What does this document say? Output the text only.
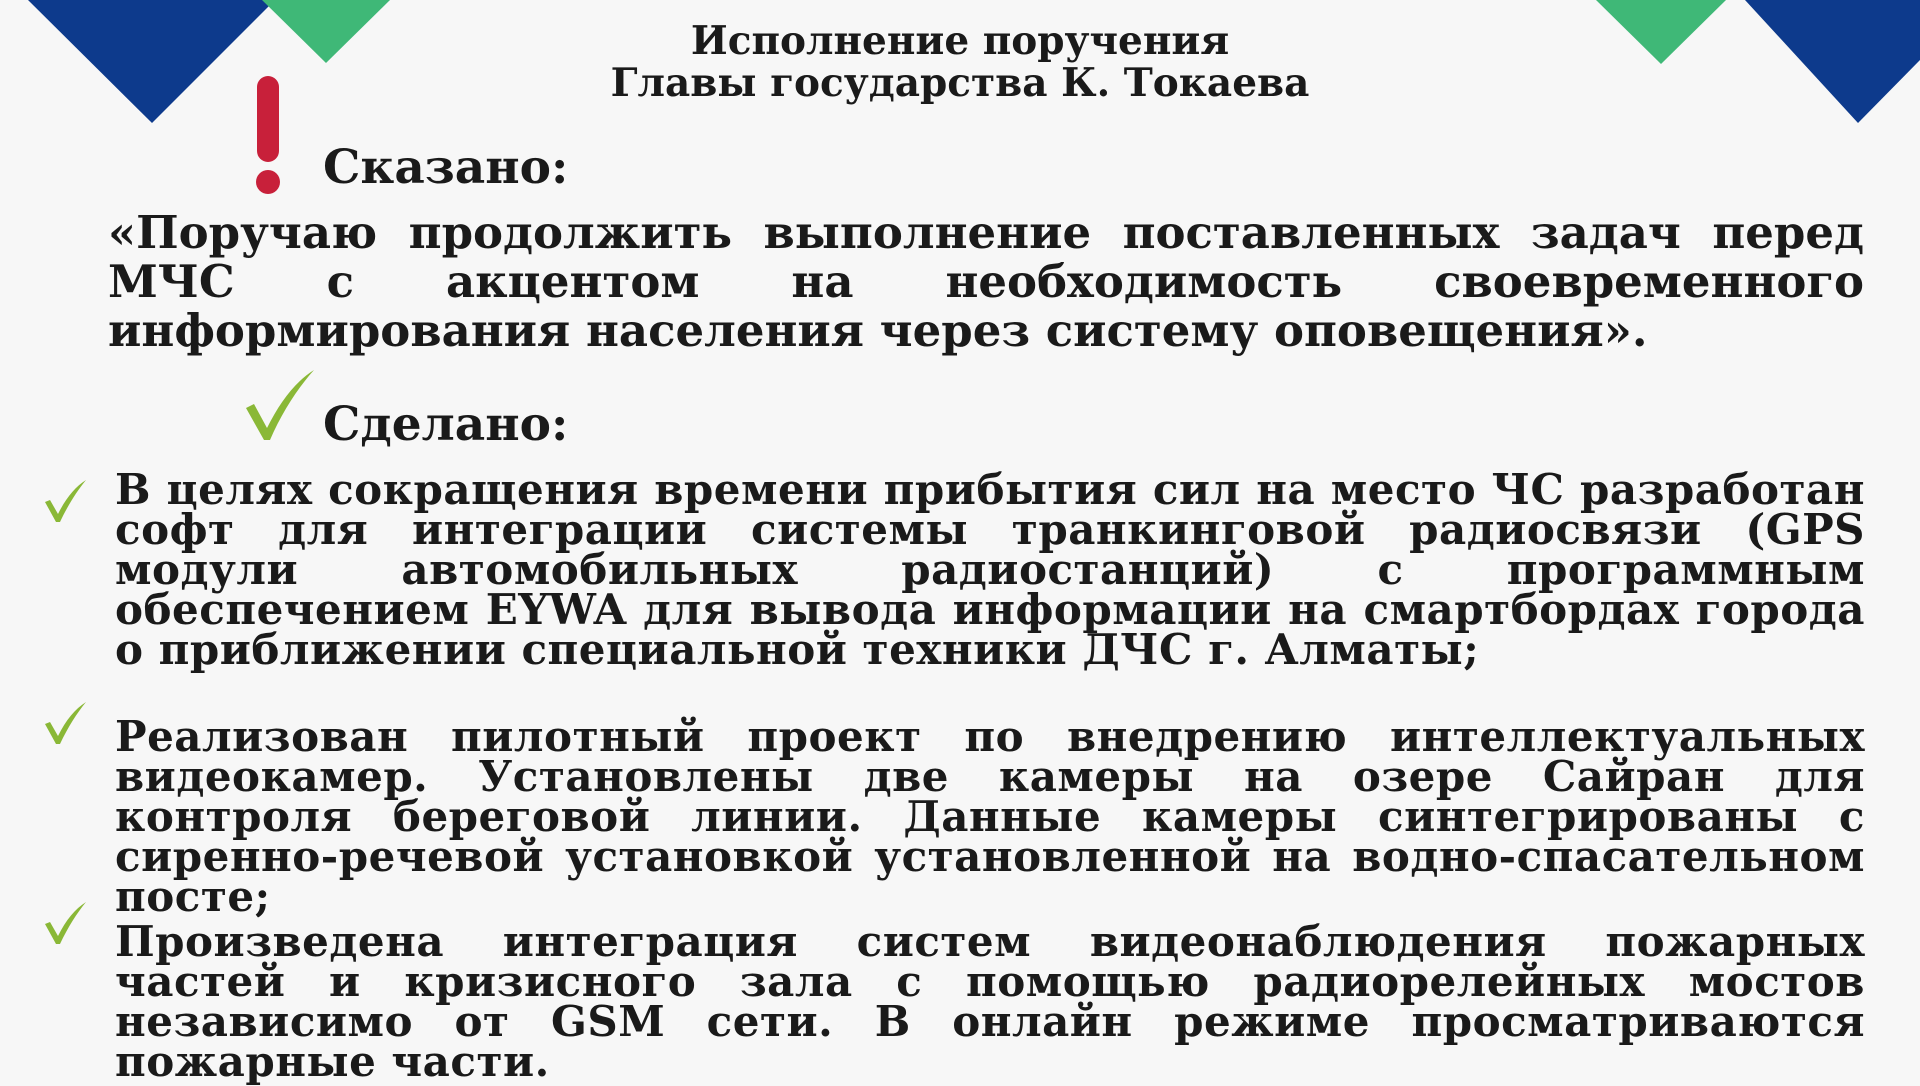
Исполнение поручения
Главы государства К. Токаева
Сказано:
«Поручаю продолжить выполнение поставленных задач перед МЧС с акцентом на необходимость своевременного информирования населения через систему оповещения».
Сделано:
В целях сокращения времени прибытия сил на место ЧС разработан софт для интеграции системы транкинговой радиосвязи (GPS модули автомобильных радиостанций) с программным обеспечением EYWA для вывода информации на смартбордах города о приближении специальной техники ДЧС г. Алматы;
Реализован пилотный проект по внедрению интеллектуальных видеокамер. Установлены две камеры на озере Сайран для контроля береговой линии. Данные камеры синтегрированы с сиренно-речевой установкой установленной на водно-спасательном посте;
Произведена интеграция систем видеонаблюдения пожарных частей и кризисного зала с помощью радиорелейных мостов независимо от GSM сети. В онлайн режиме просматриваются пожарные части.
